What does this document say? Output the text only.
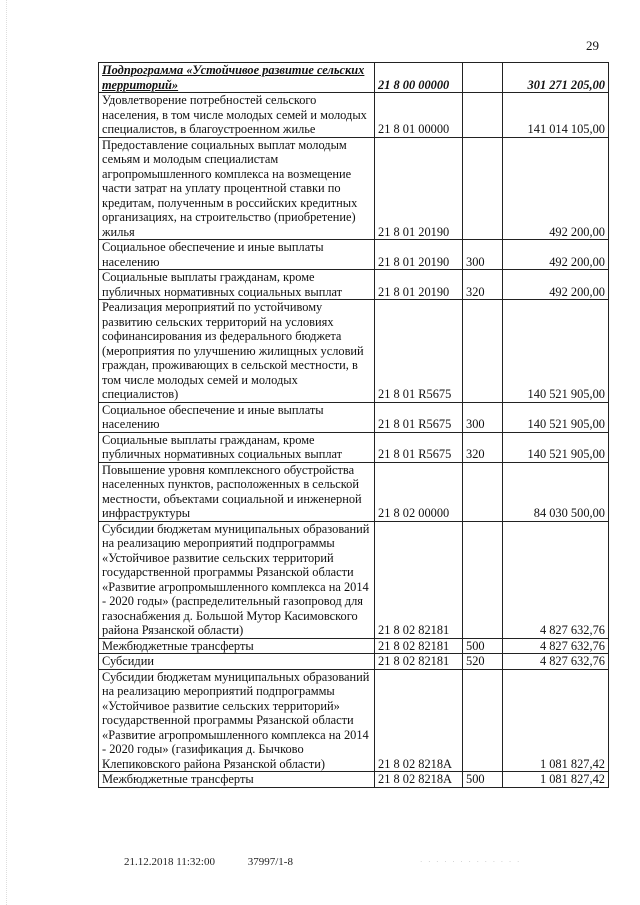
29
Подпрограмма «Устойчивое развитие сельских территорий»	21 8 00 00000		301 271 205,00
Удовлетворение потребностей сельского населения, в том числе молодых семей и молодых специалистов, в благоустроенном жилье	21 8 01 00000		141 014 105,00
Предоставление социальных выплат молодым семьям и молодым специалистам агропромышленного комплекса на возмещение части затрат на уплату процентной ставки по кредитам, полученным в российских кредитных организациях, на строительство (приобретение) жилья	21 8 01 20190		492 200,00
Социальное обеспечение и иные выплаты населению	21 8 01 20190	300	492 200,00
Социальные выплаты гражданам, кроме публичных нормативных социальных выплат	21 8 01 20190	320	492 200,00
Реализация мероприятий по устойчивому развитию сельских территорий на условиях софинансирования из федерального бюджета (мероприятия по улучшению жилищных условий граждан, проживающих в сельской местности, в том числе молодых семей и молодых специалистов)	21 8 01 R5675		140 521 905,00
Социальное обеспечение и иные выплаты населению	21 8 01 R5675	300	140 521 905,00
Социальные выплаты гражданам, кроме публичных нормативных социальных выплат	21 8 01 R5675	320	140 521 905,00
Повышение уровня комплексного обустройства населенных пунктов, расположенных в сельской местности, объектами социальной и инженерной инфраструктуры	21 8 02 00000		84 030 500,00
Субсидии бюджетам муниципальных образований на реализацию мероприятий подпрограммы «Устойчивое развитие сельских территорий государственной программы Рязанской области «Развитие агропромышленного комплекса на 2014 - 2020 годы» (распределительный газопровод для газоснабжения д. Большой Мутор Касимовского района Рязанской области)	21 8 02 82181		4 827 632,76
Межбюджетные трансферты	21 8 02 82181	500	4 827 632,76
Субсидии	21 8 02 82181	520	4 827 632,76
Субсидии бюджетам муниципальных образований на реализацию мероприятий подпрограммы «Устойчивое развитие сельских территорий» государственной программы Рязанской области «Развитие агропромышленного комплекса на 2014 - 2020 годы» (газификация д. Бычково Клепиковского района Рязанской области)	21 8 02 8218А		1 081 827,42
Межбюджетные трансферты	21 8 02 8218А	500	1 081 827,42
21.12.2018 11:32:00	37997/1-8	· · · · · · · · · · · · ·
